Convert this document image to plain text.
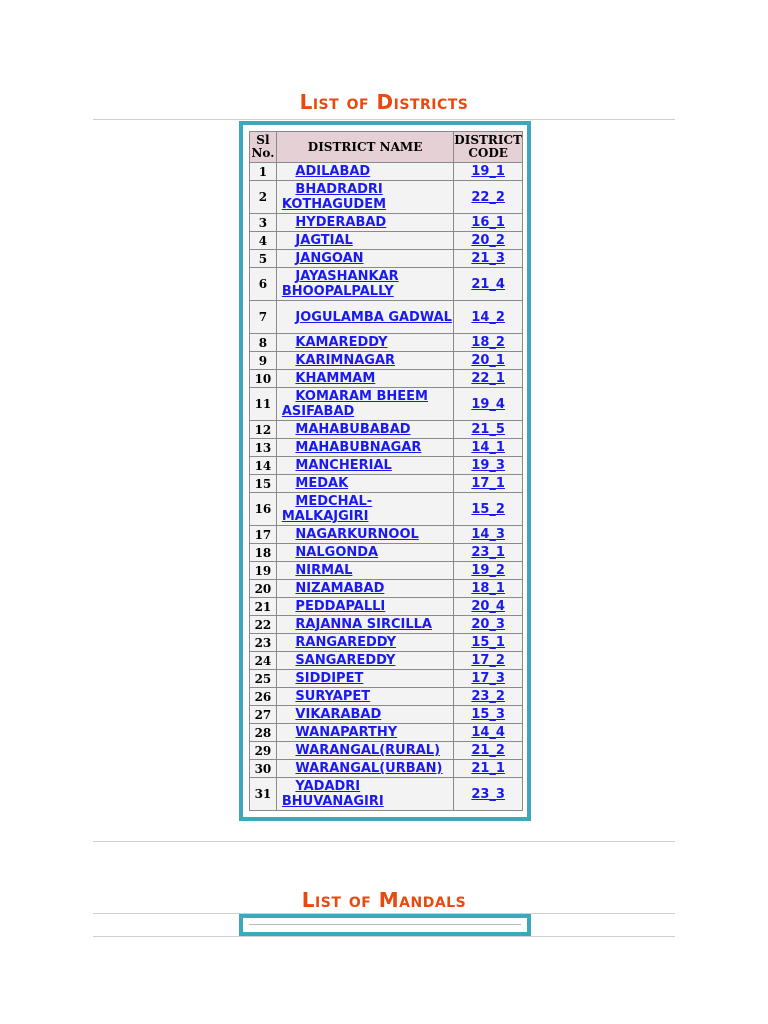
List of Districts
Sl No.	DISTRICT NAME	DISTRICT CODE
1	ADILABAD	19_1
2	BHADRADRI KOTHAGUDEM	22_2
3	HYDERABAD	16_1
4	JAGTIAL	20_2
5	JANGOAN	21_3
6	JAYASHANKAR BHOOPALPALLY	21_4
7	JOGULAMBA GADWAL	14_2
8	KAMAREDDY	18_2
9	KARIMNAGAR	20_1
10	KHAMMAM	22_1
11	KOMARAM BHEEM ASIFABAD	19_4
12	MAHABUBABAD	21_5
13	MAHABUBNAGAR	14_1
14	MANCHERIAL	19_3
15	MEDAK	17_1
16	MEDCHAL-MALKAJGIRI	15_2
17	NAGARKURNOOL	14_3
18	NALGONDA	23_1
19	NIRMAL	19_2
20	NIZAMABAD	18_1
21	PEDDAPALLI	20_4
22	RAJANNA SIRCILLA	20_3
23	RANGAREDDY	15_1
24	SANGAREDDY	17_2
25	SIDDIPET	17_3
26	SURYAPET	23_2
27	VIKARABAD	15_3
28	WANAPARTHY	14_4
29	WARANGAL(RURAL)	21_2
30	WARANGAL(URBAN)	21_1
31	YADADRI BHUVANAGIRI	23_3
List of Mandals
